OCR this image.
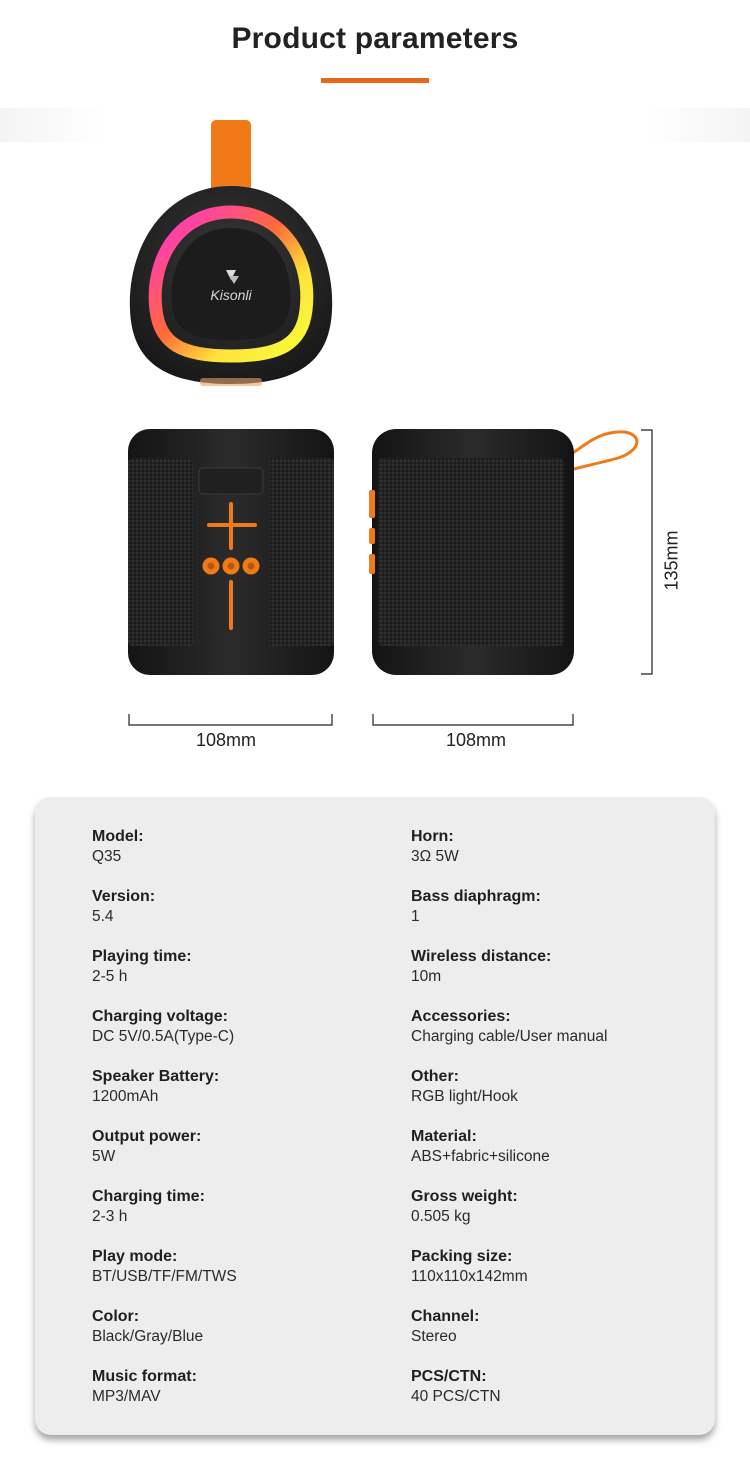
Product parameters
Kisonli
108mm	108mm
135mm
Model:
Q35
Version:
5.4
Playing time:
2-5 h
Charging voltage:
DC 5V/0.5A(Type-C)
Speaker Battery:
1200mAh
Output power:
5W
Charging time:
2-3 h
Play mode:
BT/USB/TF/FM/TWS
Color:
Black/Gray/Blue
Music format:
MP3/MAV
Horn:
3Ω 5W
Bass diaphragm:
1
Wireless distance:
10m
Accessories:
Charging cable/User manual
Other:
RGB light/Hook
Material:
ABS+fabric+silicone
Gross weight:
0.505 kg
Packing size:
110x110x142mm
Channel:
Stereo
PCS/CTN:
40 PCS/CTN
